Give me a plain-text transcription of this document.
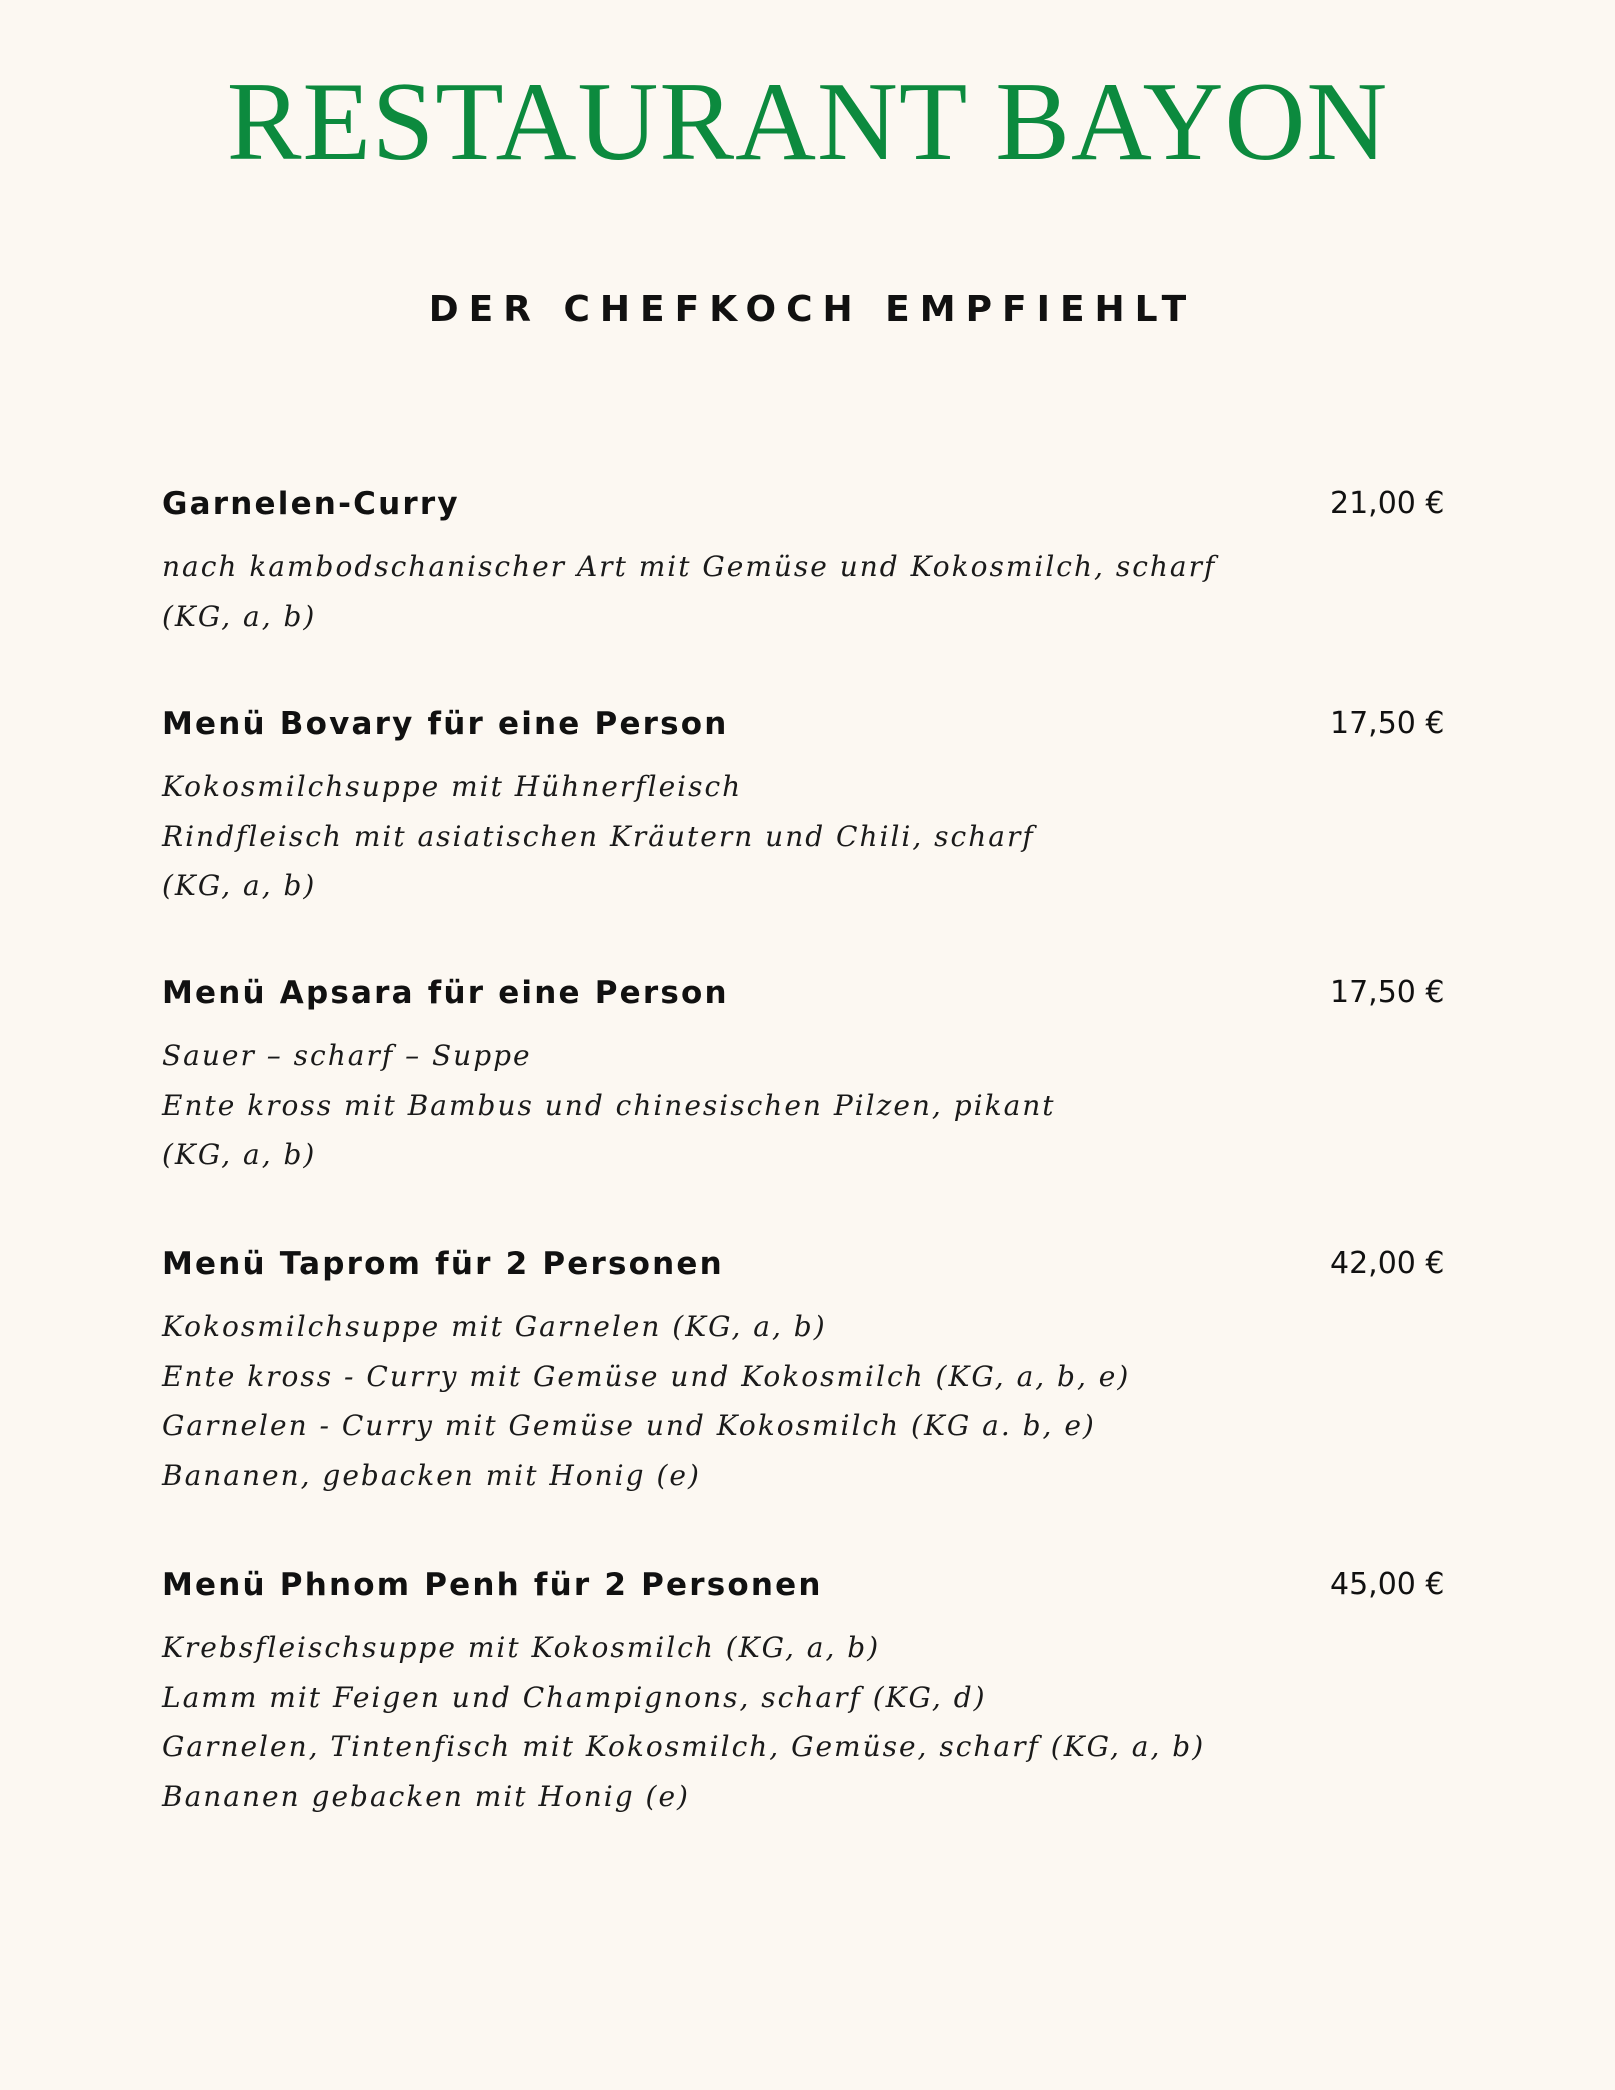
RESTAURANT BAYON
DER CHEFKOCH EMPFIEHLT
Garnelen-Curry	21,00 €
nach kambodschanischer Art mit Gemüse und Kokosmilch, scharf
(KG, a, b)
Menü Bovary für eine Person	17,50 €
Kokosmilchsuppe mit Hühnerfleisch
Rindfleisch mit asiatischen Kräutern und Chili, scharf
(KG, a, b)
Menü Apsara für eine Person	17,50 €
Sauer – scharf – Suppe
Ente kross mit Bambus und chinesischen Pilzen, pikant
(KG, a, b)
Menü Taprom für 2 Personen	42,00 €
Kokosmilchsuppe mit Garnelen (KG, a, b)
Ente kross - Curry mit Gemüse und Kokosmilch (KG, a, b, e)
Garnelen - Curry mit Gemüse und Kokosmilch (KG a. b, e)
Bananen, gebacken mit Honig (e)
Menü Phnom Penh für 2 Personen	45,00 €
Krebsfleischsuppe mit Kokosmilch (KG, a, b)
Lamm mit Feigen und Champignons, scharf (KG, d)
Garnelen, Tintenfisch mit Kokosmilch, Gemüse, scharf (KG, a, b)
Bananen gebacken mit Honig (e)
